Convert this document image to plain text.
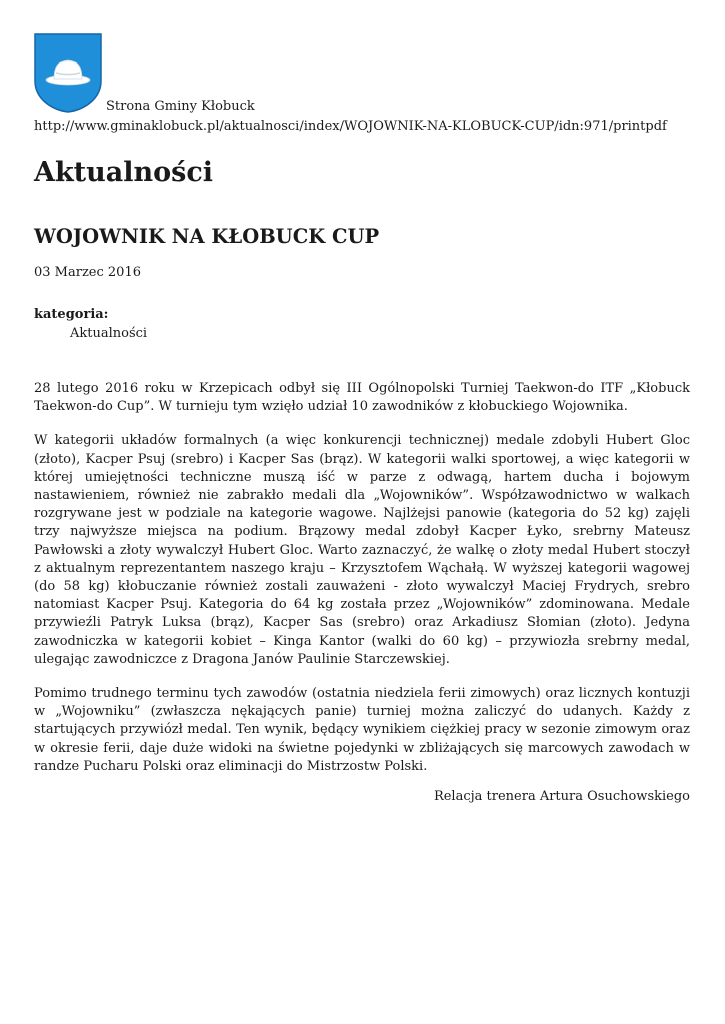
Strona Gminy Kłobuck
http://www.gminaklobuck.pl/aktualnosci/index/WOJOWNIK-NA-KLOBUCK-CUP/idn:971/printpdf
Aktualności
WOJOWNIK NA KŁOBUCK CUP
03 Marzec 2016
kategoria:
Aktualności

28 lutego 2016 roku w Krzepicach odbył się III Ogólnopolski Turniej Taekwon-do ITF „Kłobuck Taekwon-do Cup”. W turnieju tym wzięło udział 10 zawodników z kłobuckiego Wojownika.

W kategorii układów formalnych (a więc konkurencji technicznej) medale zdobyli Hubert Gloc (złoto), Kacper Psuj (srebro) i Kacper Sas (brąz). W kategorii walki sportowej, a więc kategorii w której umiejętności techniczne muszą iść w parze z odwagą, hartem ducha i bojowym nastawieniem, również nie zabrakło medali dla „Wojowników”. Współzawodnictwo w walkach rozgrywane jest w podziale na kategorie wagowe. Najlżejsi panowie (kategoria do 52 kg) zajęli trzy najwyższe miejsca na podium. Brązowy medal zdobył Kacper Łyko, srebrny Mateusz Pawłowski a złoty wywalczył Hubert Gloc. Warto zaznaczyć, że walkę o złoty medal Hubert stoczył z aktualnym reprezentantem naszego kraju – Krzysztofem Wąchałą. W wyższej kategorii wagowej (do 58 kg) kłobuczanie również zostali zauważeni - złoto wywalczył Maciej Frydrych, srebro natomiast Kacper Psuj. Kategoria do 64 kg została przez „Wojowników” zdominowana. Medale przywieźli Patryk Luksa (brąz), Kacper Sas (srebro) oraz Arkadiusz Słomian (złoto). Jedyna zawodniczka w kategorii kobiet – Kinga Kantor (walki do 60 kg) – przywiozła srebrny medal, ulegając zawodniczce z Dragona Janów Paulinie Starczewskiej.

Pomimo trudnego terminu tych zawodów (ostatnia niedziela ferii zimowych) oraz licznych kontuzji w „Wojowniku” (zwłaszcza nękających panie) turniej można zaliczyć do udanych. Każdy z startujących przywiózł medal. Ten wynik, będący wynikiem ciężkiej pracy w sezonie zimowym oraz w okresie ferii, daje duże widoki na świetne pojedynki w zbliżających się marcowych zawodach w randze Pucharu Polski oraz eliminacji do Mistrzostw Polski.

Relacja trenera Artura Osuchowskiego
